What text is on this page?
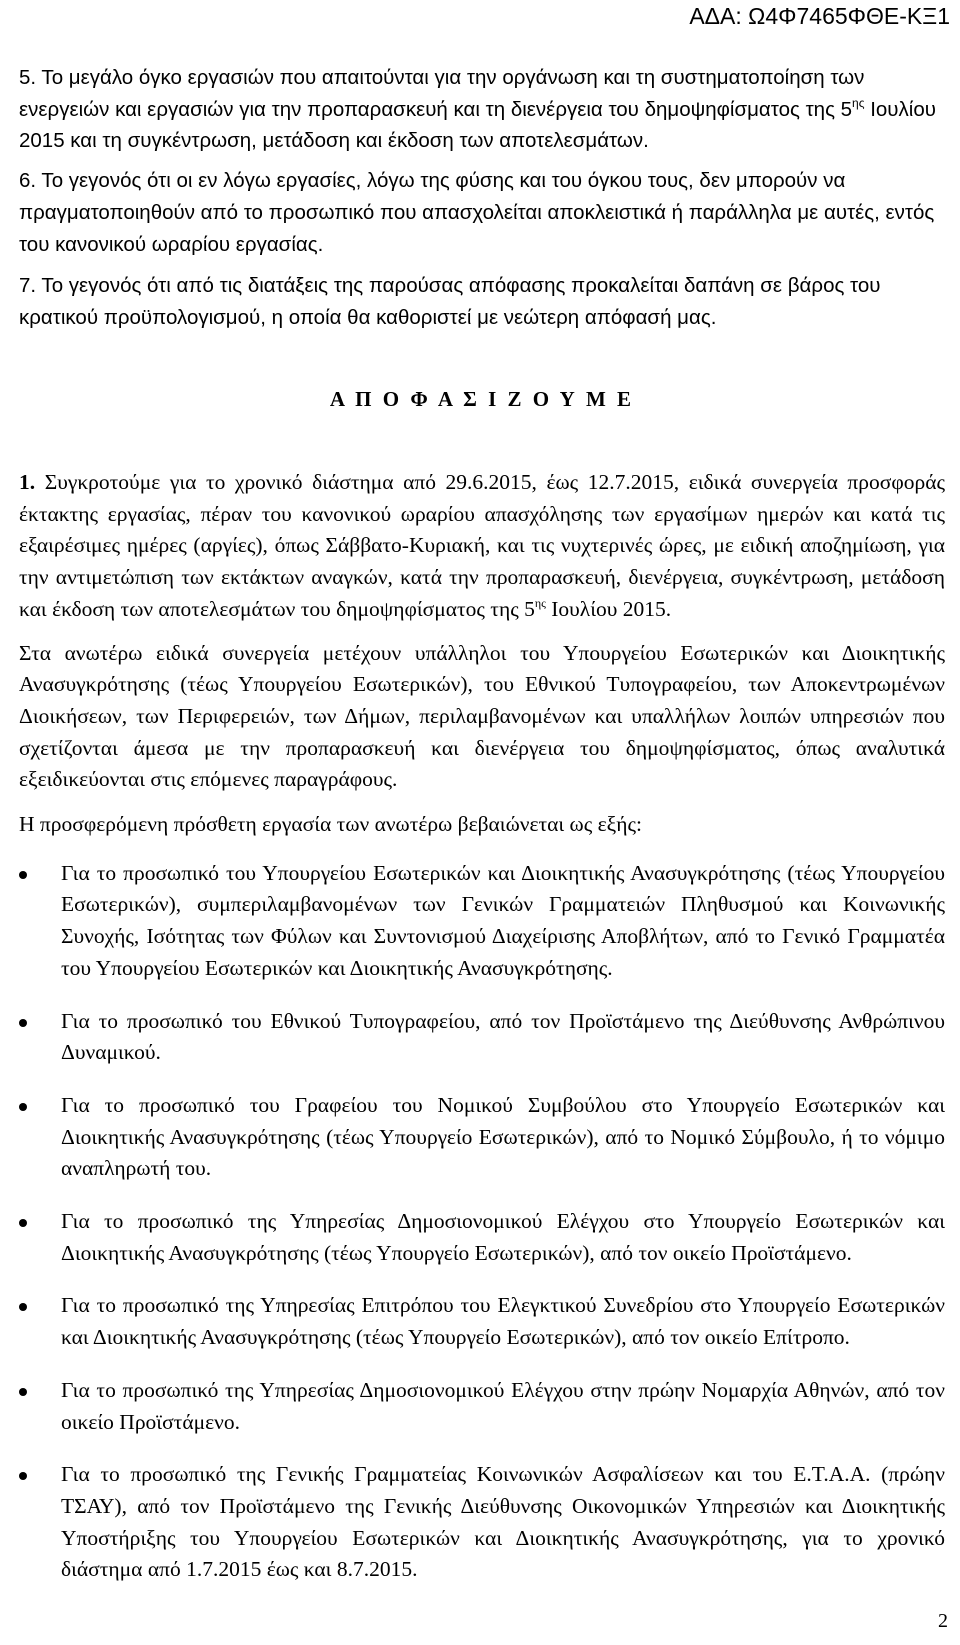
ΑΔΑ: Ω4Φ7465ΦΘΕ-ΚΞ1

5. Το μεγάλο όγκο εργασιών που απαιτούνται για την οργάνωση και τη συστηματοποίηση των ενεργειών και εργασιών για την προπαρασκευή και τη διενέργεια του δημοψηφίσματος της $5^{\eta\varsigma}$ Ιουλίου 2015 και τη συγκέντρωση, μετάδοση και έκδοση των αποτελεσμάτων.

6. Το γεγονός ότι οι εν λόγω εργασίες, λόγω της φύσης και του όγκου τους, δεν μπορούν να πραγματοποιηθούν από το προσωπικό που απασχολείται αποκλειστικά ή παράλληλα με αυτές, εντός του κανονικού ωραρίου εργασίας.

7. Το γεγονός ότι από τις διατάξεις της παρούσας απόφασης προκαλείται δαπάνη σε βάρος του κρατικού προϋπολογισμού, η οποία θα καθοριστεί με νεώτερη απόφασή μας.

Α Π Ο Φ Α Σ Ι Ζ Ο Υ Μ Ε

1. Συγκροτούμε για το χρονικό διάστημα από 29.6.2015, έως 12.7.2015, ειδικά συνεργεία προσφοράς έκτακτης εργασίας, πέραν του κανονικού ωραρίου απασχόλησης των εργασίμων ημερών και κατά τις εξαιρέσιμες ημέρες (αργίες), όπως Σάββατο-Κυριακή, και τις νυχτερινές ώρες, με ειδική αποζημίωση, για την αντιμετώπιση των εκτάκτων αναγκών, κατά την προπαρασκευή, διενέργεια, συγκέντρωση, μετάδοση και έκδοση των αποτελεσμάτων του δημοψηφίσματος της $5^{\eta\varsigma}$ Ιουλίου 2015.

Στα ανωτέρω ειδικά συνεργεία μετέχουν υπάλληλοι του Υπουργείου Εσωτερικών και Διοικητικής Ανασυγκρότησης (τέως Υπουργείου Εσωτερικών), του Εθνικού Τυπογραφείου, των Αποκεντρωμένων Διοικήσεων, των Περιφερειών, των Δήμων, περιλαμβανομένων και υπαλλήλων λοιπών υπηρεσιών που σχετίζονται άμεσα με την προπαρασκευή και διενέργεια του δημοψηφίσματος, όπως αναλυτικά εξειδικεύονται στις επόμενες παραγράφους.

Η προσφερόμενη πρόσθετη εργασία των ανωτέρω βεβαιώνεται ως εξής:

Για το προσωπικό του Υπουργείου Εσωτερικών και Διοικητικής Ανασυγκρότησης (τέως Υπουργείου Εσωτερικών), συμπεριλαμβανομένων των Γενικών Γραμματειών Πληθυσμού και Κοινωνικής Συνοχής, Ισότητας των Φύλων και Συντονισμού Διαχείρισης Αποβλήτων, από το Γενικό Γραμματέα του Υπουργείου Εσωτερικών και Διοικητικής Ανασυγκρότησης.
Για το προσωπικό του Εθνικού Τυπογραφείου, από τον Προϊστάμενο της Διεύθυνσης Ανθρώπινου Δυναμικού.
Για το προσωπικό του Γραφείου του Νομικού Συμβούλου στο Υπουργείο Εσωτερικών και Διοικητικής Ανασυγκρότησης (τέως Υπουργείο Εσωτερικών), από το Νομικό Σύμβουλο, ή το νόμιμο αναπληρωτή του.
Για το προσωπικό της Υπηρεσίας Δημοσιονομικού Ελέγχου στο Υπουργείο Εσωτερικών και Διοικητικής Ανασυγκρότησης (τέως Υπουργείο Εσωτερικών), από τον οικείο Προϊστάμενο.
Για το προσωπικό της Υπηρεσίας Επιτρόπου του Ελεγκτικού Συνεδρίου στο Υπουργείο Εσωτερικών και Διοικητικής Ανασυγκρότησης (τέως Υπουργείο Εσωτερικών), από τον οικείο Επίτροπο.
Για το προσωπικό της Υπηρεσίας Δημοσιονομικού Ελέγχου στην πρώην Νομαρχία Αθηνών, από τον οικείο Προϊστάμενο.
Για το προσωπικό της Γενικής Γραμματείας Κοινωνικών Ασφαλίσεων και του Ε.Τ.Α.Α. (πρώην ΤΣΑΥ), από τον Προϊστάμενο της Γενικής Διεύθυνσης Οικονομικών Υπηρεσιών και Διοικητικής Υποστήριξης του Υπουργείου Εσωτερικών και Διοικητικής Ανασυγκρότησης, για το χρονικό διάστημα από 1.7.2015 έως και 8.7.2015.
2
